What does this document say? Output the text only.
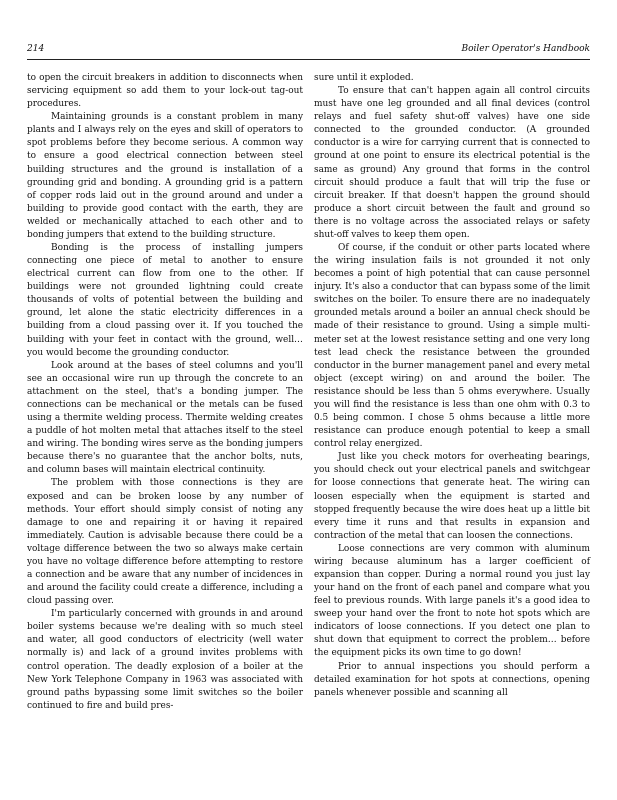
214	Boiler Operator's Handbook

to open the circuit breakers in addition to disconnects when servicing equipment so add them to your lock-out tag-out procedures.

Maintaining grounds is a constant problem in many plants and I always rely on the eyes and skill of operators to spot problems before they become serious. A common way to ensure a good electrical connection between steel building structures and the ground is installation of a grounding grid and bonding. A grounding grid is a pattern of copper rods laid out in the ground around and under a building to provide good contact with the earth, they are welded or mechanically attached to each other and to bonding jumpers that extend to the building structure.

Bonding is the process of installing jumpers connecting one piece of metal to another to ensure electrical current can flow from one to the other. If buildings were not grounded lightning could create thousands of volts of potential between the building and ground, let alone the static electricity differences in a building from a cloud passing over it. If you touched the building with your feet in contact with the ground, well… you would become the grounding conductor.

Look around at the bases of steel columns and you'll see an occasional wire run up through the concrete to an attachment on the steel, that's a bonding jumper. The connections can be mechanical or the metals can be fused using a thermite welding process. Thermite welding creates a puddle of hot molten metal that attaches itself to the steel and wiring. The bonding wires serve as the bonding jumpers because there's no guarantee that the anchor bolts, nuts, and column bases will maintain electrical continuity.

The problem with those connections is they are exposed and can be broken loose by any number of methods. Your effort should simply consist of noting any damage to one and repairing it or having it repaired immediately. Caution is advisable because there could be a voltage difference between the two so always make certain you have no voltage difference before attempting to restore a connection and be aware that any number of incidences in and around the facility could create a difference, including a cloud passing over.

I'm particularly concerned with grounds in and around boiler systems because we're dealing with so much steel and water, all good conductors of electricity (well water normally is) and lack of a ground invites problems with control operation. The deadly explosion of a boiler at the New York Telephone Company in 1963 was associated with ground paths bypassing some limit switches so the boiler continued to fire and build pres-

sure until it exploded.

To ensure that can't happen again all control circuits must have one leg grounded and all final devices (control relays and fuel safety shut-off valves) have one side connected to the grounded conductor. (A grounded conductor is a wire for carrying current that is connected to ground at one point to ensure its electrical potential is the same as ground) Any ground that forms in the control circuit should produce a fault that will trip the fuse or circuit breaker. If that doesn't happen the ground should produce a short circuit between the fault and ground so there is no voltage across the associated relays or safety shut-off valves to keep them open.

Of course, if the conduit or other parts located where the wiring insulation fails is not grounded it not only becomes a point of high potential that can cause personnel injury. It's also a conductor that can bypass some of the limit switches on the boiler. To ensure there are no inadequately grounded metals around a boiler an annual check should be made of their resistance to ground. Using a simple multi-meter set at the lowest resistance setting and one very long test lead check the resistance between the grounded conductor in the burner management panel and every metal object (except wiring) on and around the boiler. The resistance should be less than 5 ohms everywhere. Usually you will find the resistance is less than one ohm with 0.3 to 0.5 being common. I chose 5 ohms because a little more resistance can produce enough potential to keep a small control relay energized.

Just like you check motors for overheating bearings, you should check out your electrical panels and switchgear for loose connections that generate heat. The wiring can loosen especially when the equipment is started and stopped frequently because the wire does heat up a little bit every time it runs and that results in expansion and contraction of the metal that can loosen the connections.

Loose connections are very common with aluminum wiring because aluminum has a larger coefficient of expansion than copper. During a normal round you just lay your hand on the front of each panel and compare what you feel to previous rounds. With large panels it's a good idea to sweep your hand over the front to note hot spots which are indicators of loose connections. If you detect one plan to shut down that equipment to correct the problem… before the equipment picks its own time to go down!

Prior to annual inspections you should perform a detailed examination for hot spots at connections, opening panels whenever possible and scanning all
